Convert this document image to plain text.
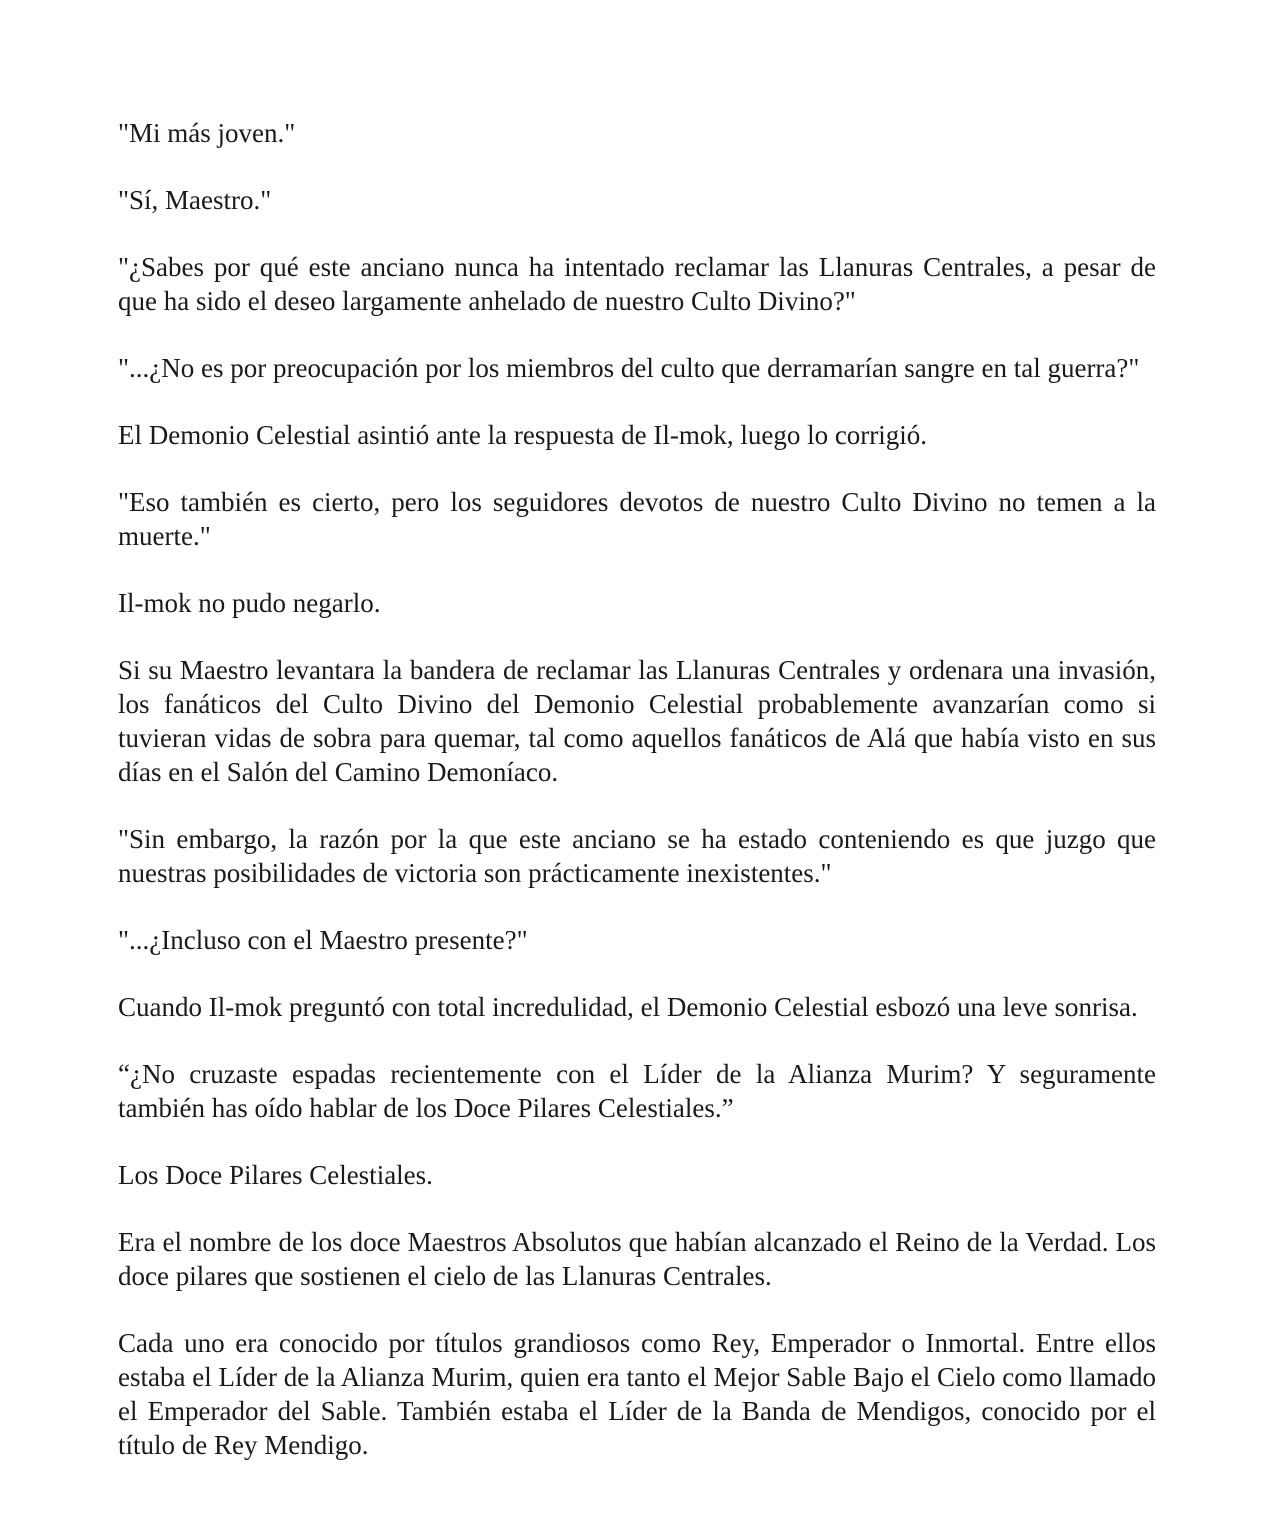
"Mi más joven."

"Sí, Maestro."

"¿Sabes por qué este anciano nunca ha intentado reclamar las Llanuras Centrales, a pesar de que ha sido el deseo largamente anhelado de nuestro Culto Divino?"

"...¿No es por preocupación por los miembros del culto que derramarían sangre en tal guerra?"

El Demonio Celestial asintió ante la respuesta de Il-mok, luego lo corrigió.

"Eso también es cierto, pero los seguidores devotos de nuestro Culto Divino no temen a la muerte."

Il-mok no pudo negarlo.

Si su Maestro levantara la bandera de reclamar las Llanuras Centrales y ordenara una invasión, los fanáticos del Culto Divino del Demonio Celestial probablemente avanzarían como si tuvieran vidas de sobra para quemar, tal como aquellos fanáticos de Alá que había visto en sus días en el Salón del Camino Demoníaco.

"Sin embargo, la razón por la que este anciano se ha estado conteniendo es que juzgo que nuestras posibilidades de victoria son prácticamente inexistentes."

"...¿Incluso con el Maestro presente?"

Cuando Il-mok preguntó con total incredulidad, el Demonio Celestial esbozó una leve sonrisa.

“¿No cruzaste espadas recientemente con el Líder de la Alianza Murim? Y seguramente también has oído hablar de los Doce Pilares Celestiales.”

Los Doce Pilares Celestiales.

Era el nombre de los doce Maestros Absolutos que habían alcanzado el Reino de la Verdad. Los doce pilares que sostienen el cielo de las Llanuras Centrales.

Cada uno era conocido por títulos grandiosos como Rey, Emperador o Inmortal. Entre ellos estaba el Líder de la Alianza Murim, quien era tanto el Mejor Sable Bajo el Cielo como llamado el Emperador del Sable. También estaba el Líder de la Banda de Mendigos, conocido por el título de Rey Mendigo.
